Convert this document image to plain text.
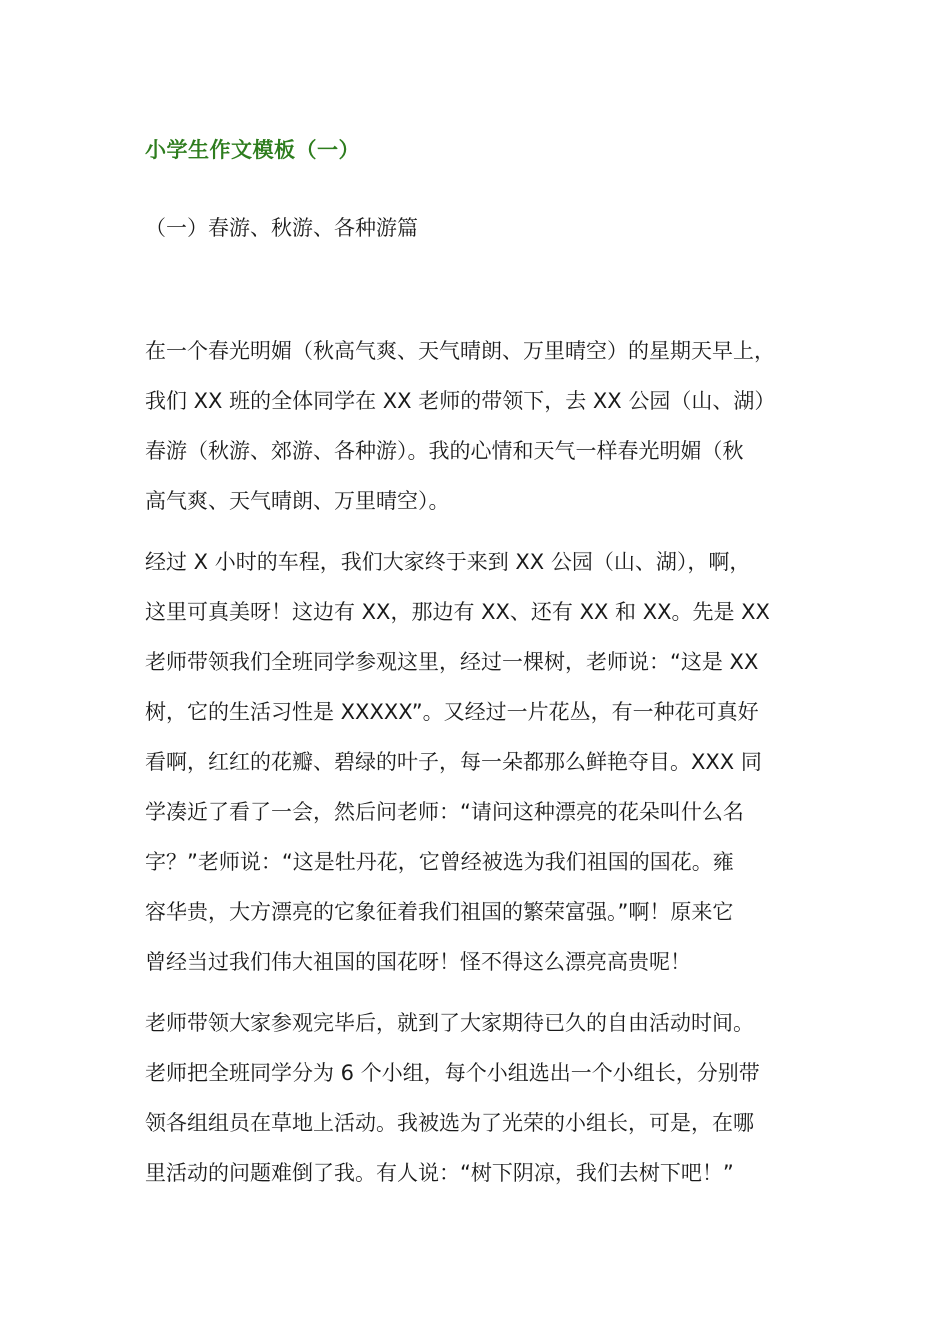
小学生作文模板（一）
（一）春游、秋游、各种游篇

在一个春光明媚（秋高气爽、天气晴朗、万里晴空）的星期天早上，
我们 XX 班的全体同学在 XX 老师的带领下，去 XX 公园（山、湖）
春游（秋游、郊游、各种游）。我的心情和天气一样春光明媚（秋
高气爽、天气晴朗、万里晴空）。

经过 X 小时的车程，我们大家终于来到 XX 公园（山、湖），啊，
这里可真美呀！这边有 XX，那边有 XX、还有 XX 和 XX。先是 XX
老师带领我们全班同学参观这里，经过一棵树，老师说：“这是 XX
树，它的生活习性是 XXXXX”。又经过一片花丛，有一种花可真好
看啊，红红的花瓣、碧绿的叶子，每一朵都那么鲜艳夺目。XXX 同
学凑近了看了一会，然后问老师：“请问这种漂亮的花朵叫什么名
字？”老师说：“这是牡丹花，它曾经被选为我们祖国的国花。雍
容华贵，大方漂亮的它象征着我们祖国的繁荣富强。”啊！原来它
曾经当过我们伟大祖国的国花呀！怪不得这么漂亮高贵呢！

老师带领大家参观完毕后，就到了大家期待已久的自由活动时间。
老师把全班同学分为 6 个小组，每个小组选出一个小组长，分别带
领各组组员在草地上活动。我被选为了光荣的小组长，可是，在哪
里活动的问题难倒了我。有人说：“树下阴凉，我们去树下吧！”
